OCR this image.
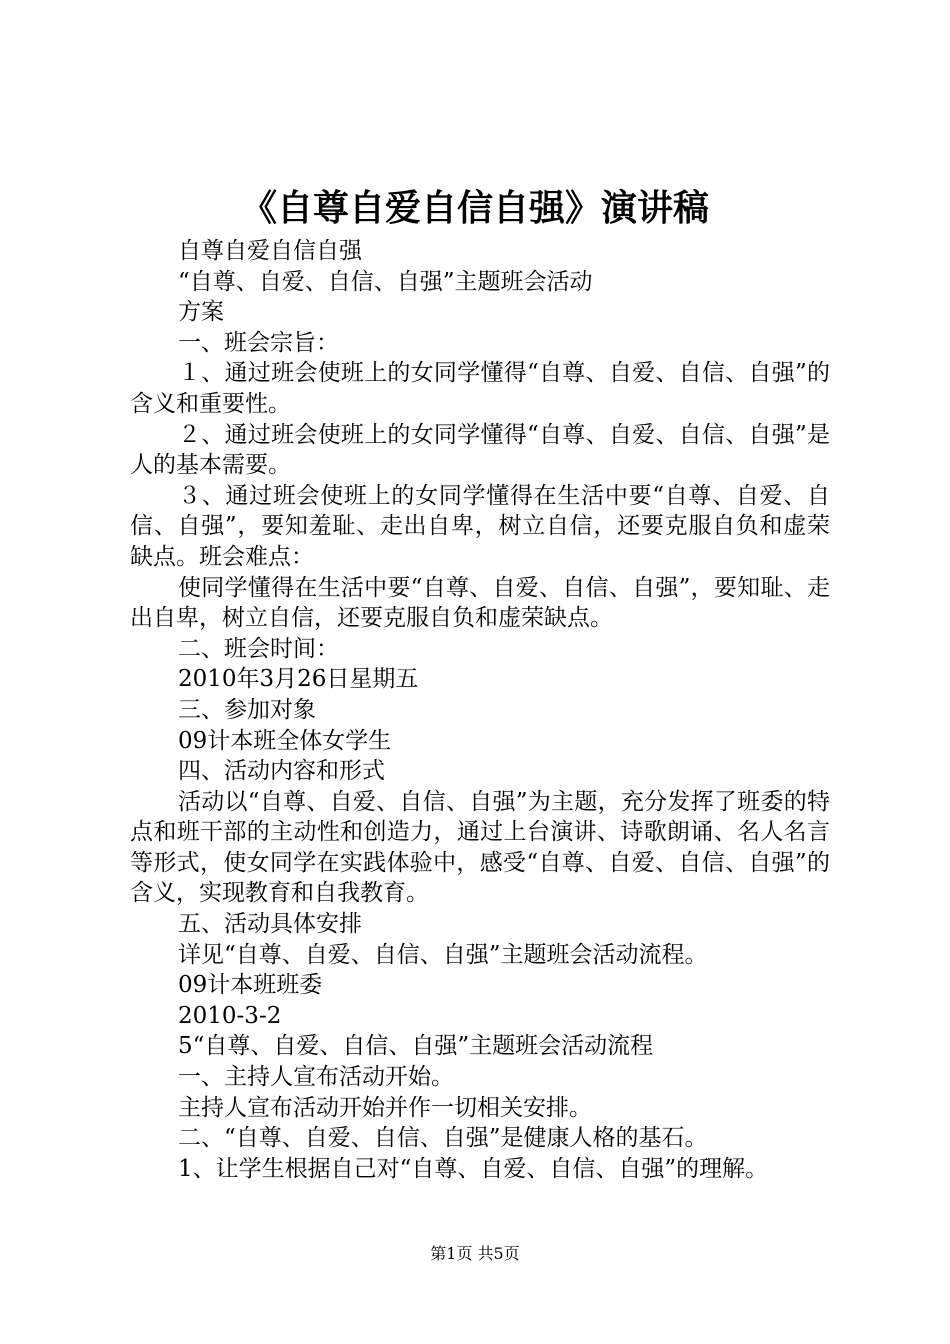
《自尊自爱自信自强》演讲稿

自尊自爱自信自强

“自尊、自爱、自信、自强”主题班会活动

方案

一、班会宗旨：

１、通过班会使班上的女同学懂得“自尊、自爱、自信、自强”的含义和重要性。

２、通过班会使班上的女同学懂得“自尊、自爱、自信、自强”是人的基本需要。

３、通过班会使班上的女同学懂得在生活中要“自尊、自爱、自信、自强”，要知羞耻、走出自卑，树立自信，还要克服自负和虚荣缺点。班会难点：

使同学懂得在生活中要“自尊、自爱、自信、自强”，要知耻、走出自卑，树立自信，还要克服自负和虚荣缺点。

二、班会时间：

2010年3月26日星期五

三、参加对象

09计本班全体女学生

四、活动内容和形式

活动以“自尊、自爱、自信、自强”为主题，充分发挥了班委的特点和班干部的主动性和创造力，通过上台演讲、诗歌朗诵、名人名言等形式，使女同学在实践体验中，感受“自尊、自爱、自信、自强”的含义，实现教育和自我教育。

五、活动具体安排

详见“自尊、自爱、自信、自强”主题班会活动流程。

09计本班班委

2010-3-2

5“自尊、自爱、自信、自强”主题班会活动流程

一、主持人宣布活动开始。

主持人宣布活动开始并作一切相关安排。

二、“自尊、自爱、自信、自强”是健康人格的基石。

1、让学生根据自己对“自尊、自爱、自信、自强”的理解。

第1页 共5页
